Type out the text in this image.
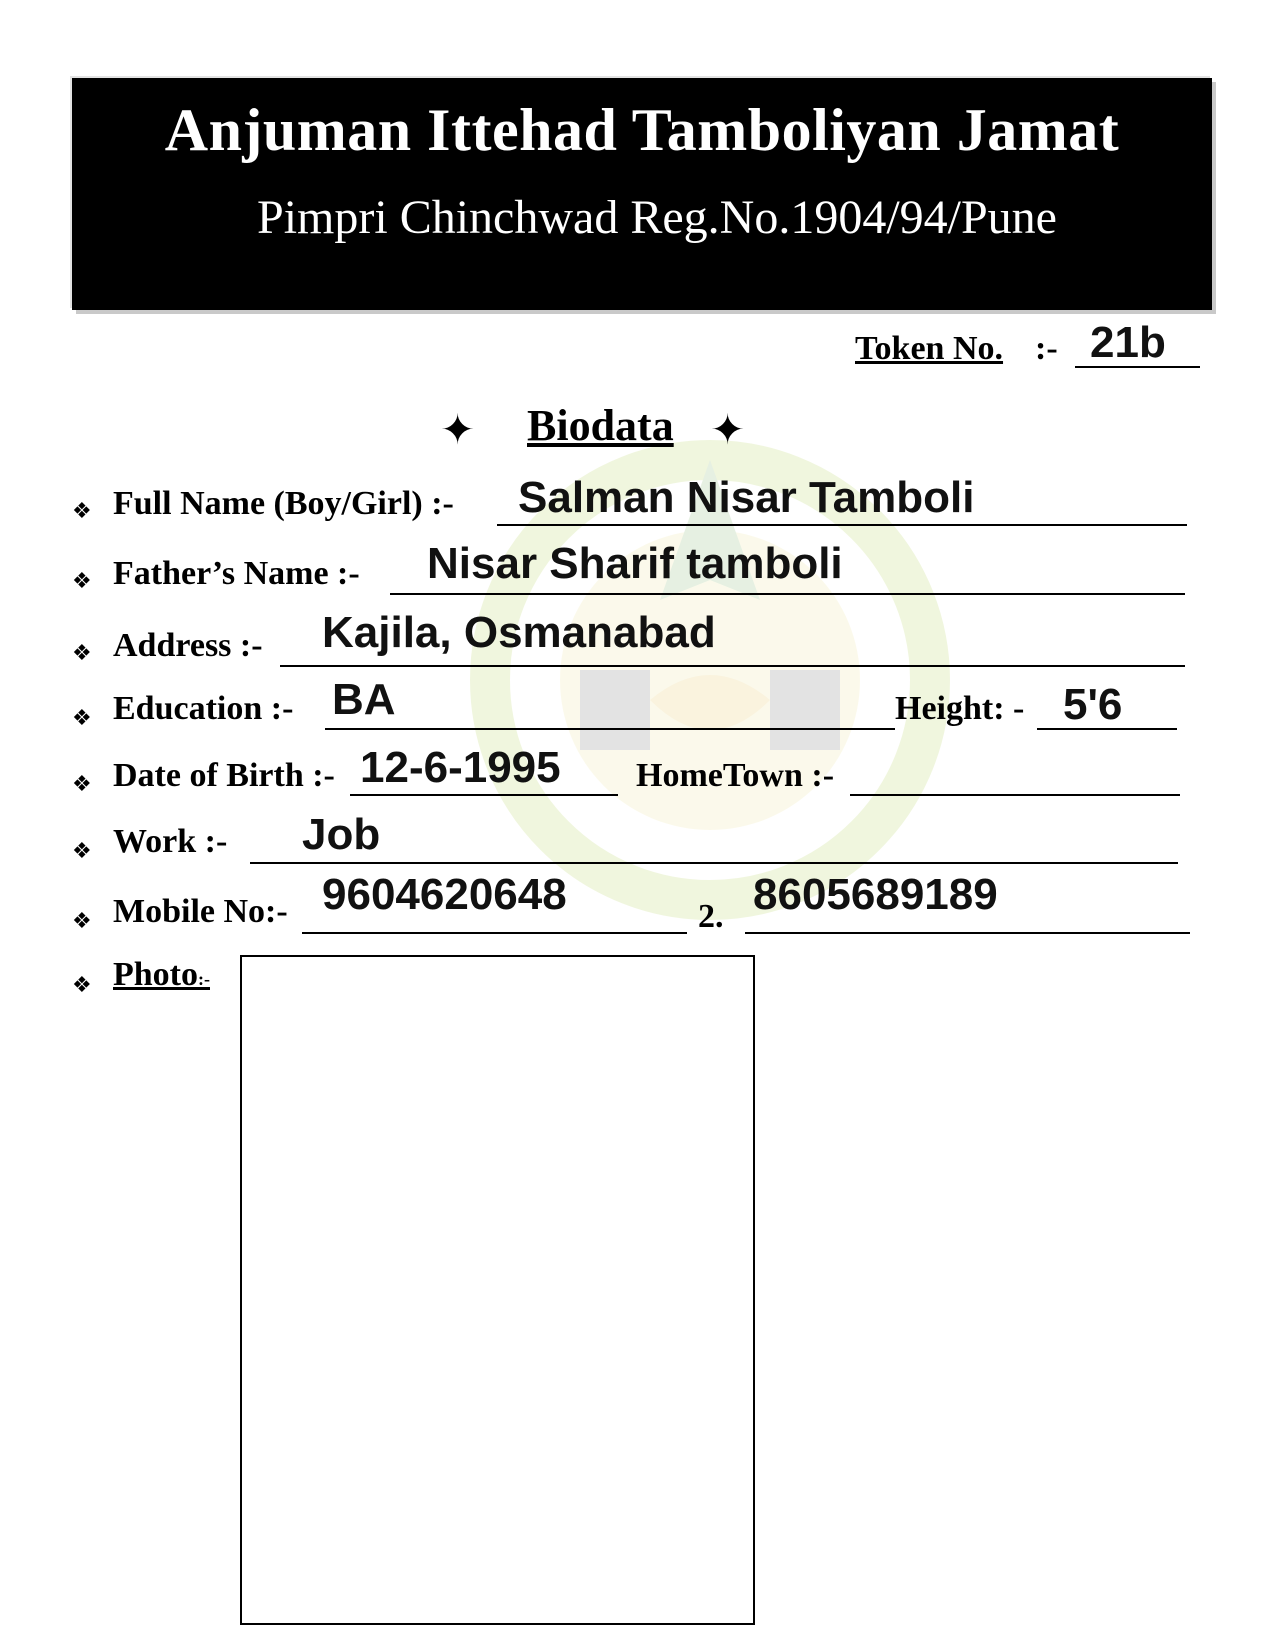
Anjuman Ittehad Tamboliyan Jamat
Pimpri Chinchwad Reg.No.1904/94/Pune
Token No. :- 21b
✦ Biodata ✦
❖ Full Name (Boy/Girl) :- Salman Nisar Tamboli
❖ Father’s Name :- Nisar Sharif tamboli
❖ Address :- Kajila, Osmanabad
❖ Education :- BA	Height: - 5'6
❖ Date of Birth :- 12-6-1995 HomeTown :-
❖ Work :- Job
❖ Mobile No:- 9604620648	2. 8605689189
❖ Photo:-
